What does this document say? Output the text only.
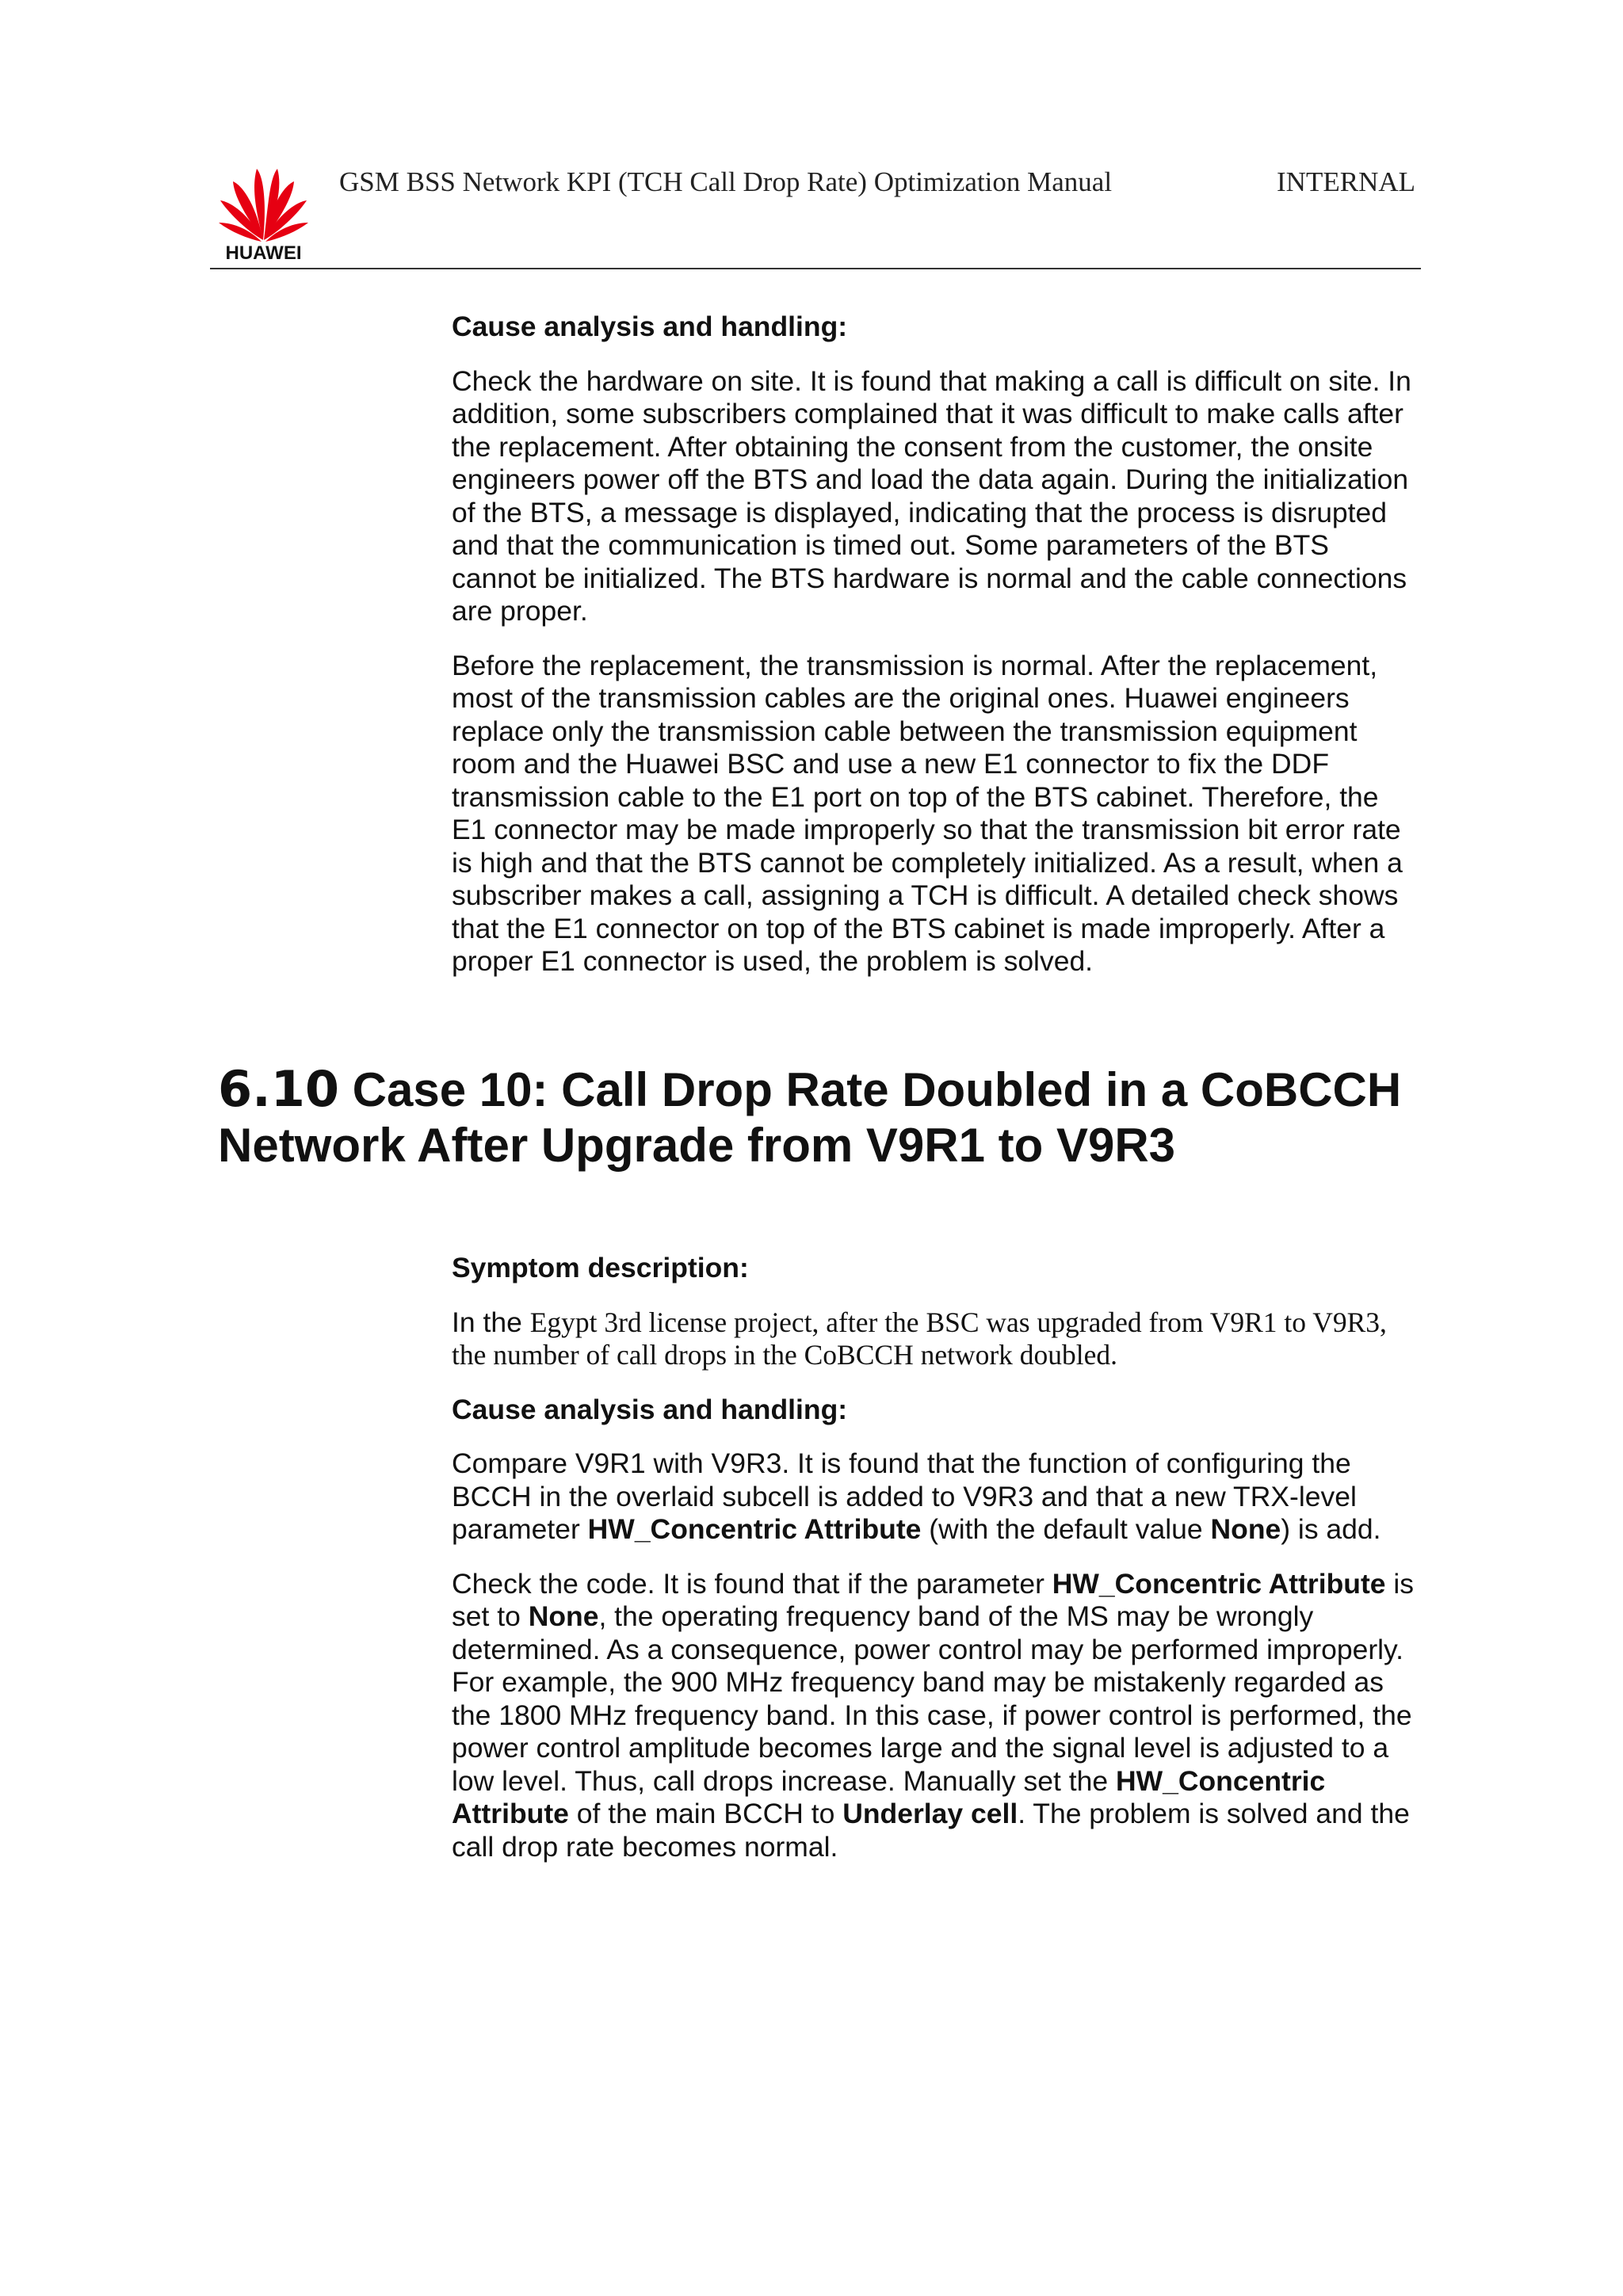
HUAWEI
GSM BSS Network KPI (TCH Call Drop Rate) Optimization Manual	INTERNAL

Cause analysis and handling:

Check the hardware on site. It is found that making a call is difficult on site. In addition, some subscribers complained that it was difficult to make calls after the replacement. After obtaining the consent from the customer, the onsite engineers power off the BTS and load the data again. During the initialization of the BTS, a message is displayed, indicating that the process is disrupted and that the communication is timed out. Some parameters of the BTS cannot be initialized. The BTS hardware is normal and the cable connections are proper.

Before the replacement, the transmission is normal. After the replacement, most of the transmission cables are the original ones. Huawei engineers replace only the transmission cable between the transmission equipment room and the Huawei BSC and use a new E1 connector to fix the DDF transmission cable to the E1 port on top of the BTS cabinet. Therefore, the E1 connector may be made improperly so that the transmission bit error rate is high and that the BTS cannot be completely initialized. As a result, when a subscriber makes a call, assigning a TCH is difficult. A detailed check shows that the E1 connector on top of the BTS cabinet is made improperly. After a proper E1 connector is used, the problem is solved.

6.10 Case 10: Call Drop Rate Doubled in a CoBCCH Network After Upgrade from V9R1 to V9R3

Symptom description:

In the Egypt 3rd license project, after the BSC was upgraded from V9R1 to V9R3, the number of call drops in the CoBCCH network doubled.

Cause analysis and handling:

Compare V9R1 with V9R3. It is found that the function of configuring the BCCH in the overlaid subcell is added to V9R3 and that a new TRX-level parameter HW_Concentric Attribute (with the default value None) is add.

Check the code. It is found that if the parameter HW_Concentric Attribute is set to None, the operating frequency band of the MS may be wrongly determined. As a consequence, power control may be performed improperly. For example, the 900 MHz frequency band may be mistakenly regarded as the 1800 MHz frequency band. In this case, if power control is performed, the power control amplitude becomes large and the signal level is adjusted to a low level. Thus, call drops increase. Manually set the HW_Concentric Attribute of the main BCCH to Underlay cell. The problem is solved and the call drop rate becomes normal.
